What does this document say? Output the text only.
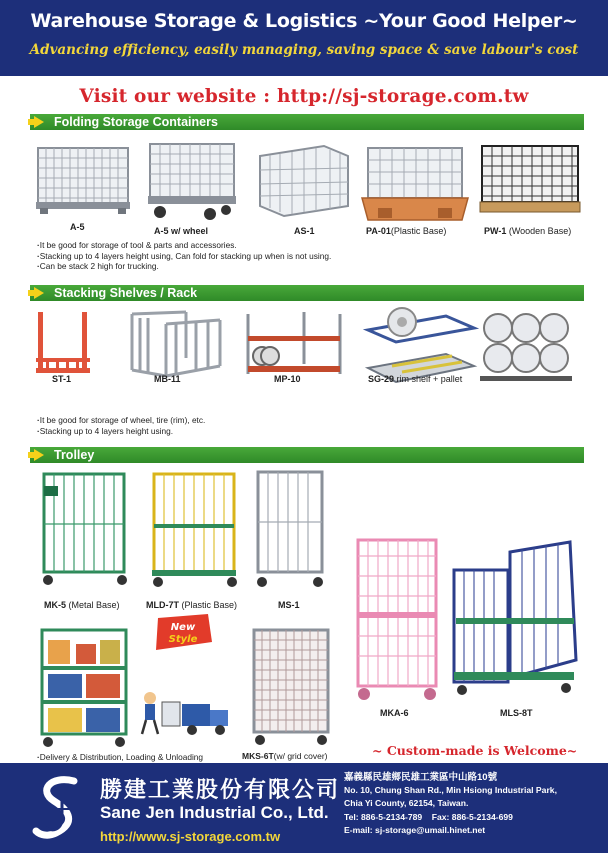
Warehouse Storage & Logistics ~Your Good Helper~
Advancing efficiency, easily managing, saving space & save labour's cost
Visit our website : http://sj-storage.com.tw
Folding Storage Containers
A-5	A-5 w/ wheel	AS-1	PA-01(Plastic Base)	PW-1 (Wooden Base)
· It be good for storage of tool & parts and accessories.
· Stacking up to 4 layers height using, Can fold for stacking up when is not using.
· Can be stack 2 high for trucking.
Stacking Shelves / Rack
ST-1	MB-11	MP-10	SG-29 rim shelf + pallet
· It be good for storage of wheel, tire (rim), etc.
· Stacking up to 4 layers height using.
Trolley
MK-5 (Metal Base)	MLD-7T (Plastic Base)	MS-1
MKA-6	MLS-8T
New
Style
· Delivery & Distribution, Loading & Unloading	MKS-6T(w/ grid cover)	~ Custom-made is Welcome~
勝建工業股份有限公司
Sane Jen Industrial Co., Ltd.
http://www.sj-storage.com.tw
嘉義縣民雄鄉民雄工業區中山路10號
No. 10, Chung Shan Rd., Min Hsiong Industrial Park,
Chia Yi County, 62154, Taiwan.
Tel: 886-5-2134-789 Fax: 886-5-2134-699
E-mail: sj-storage@umail.hinet.net
